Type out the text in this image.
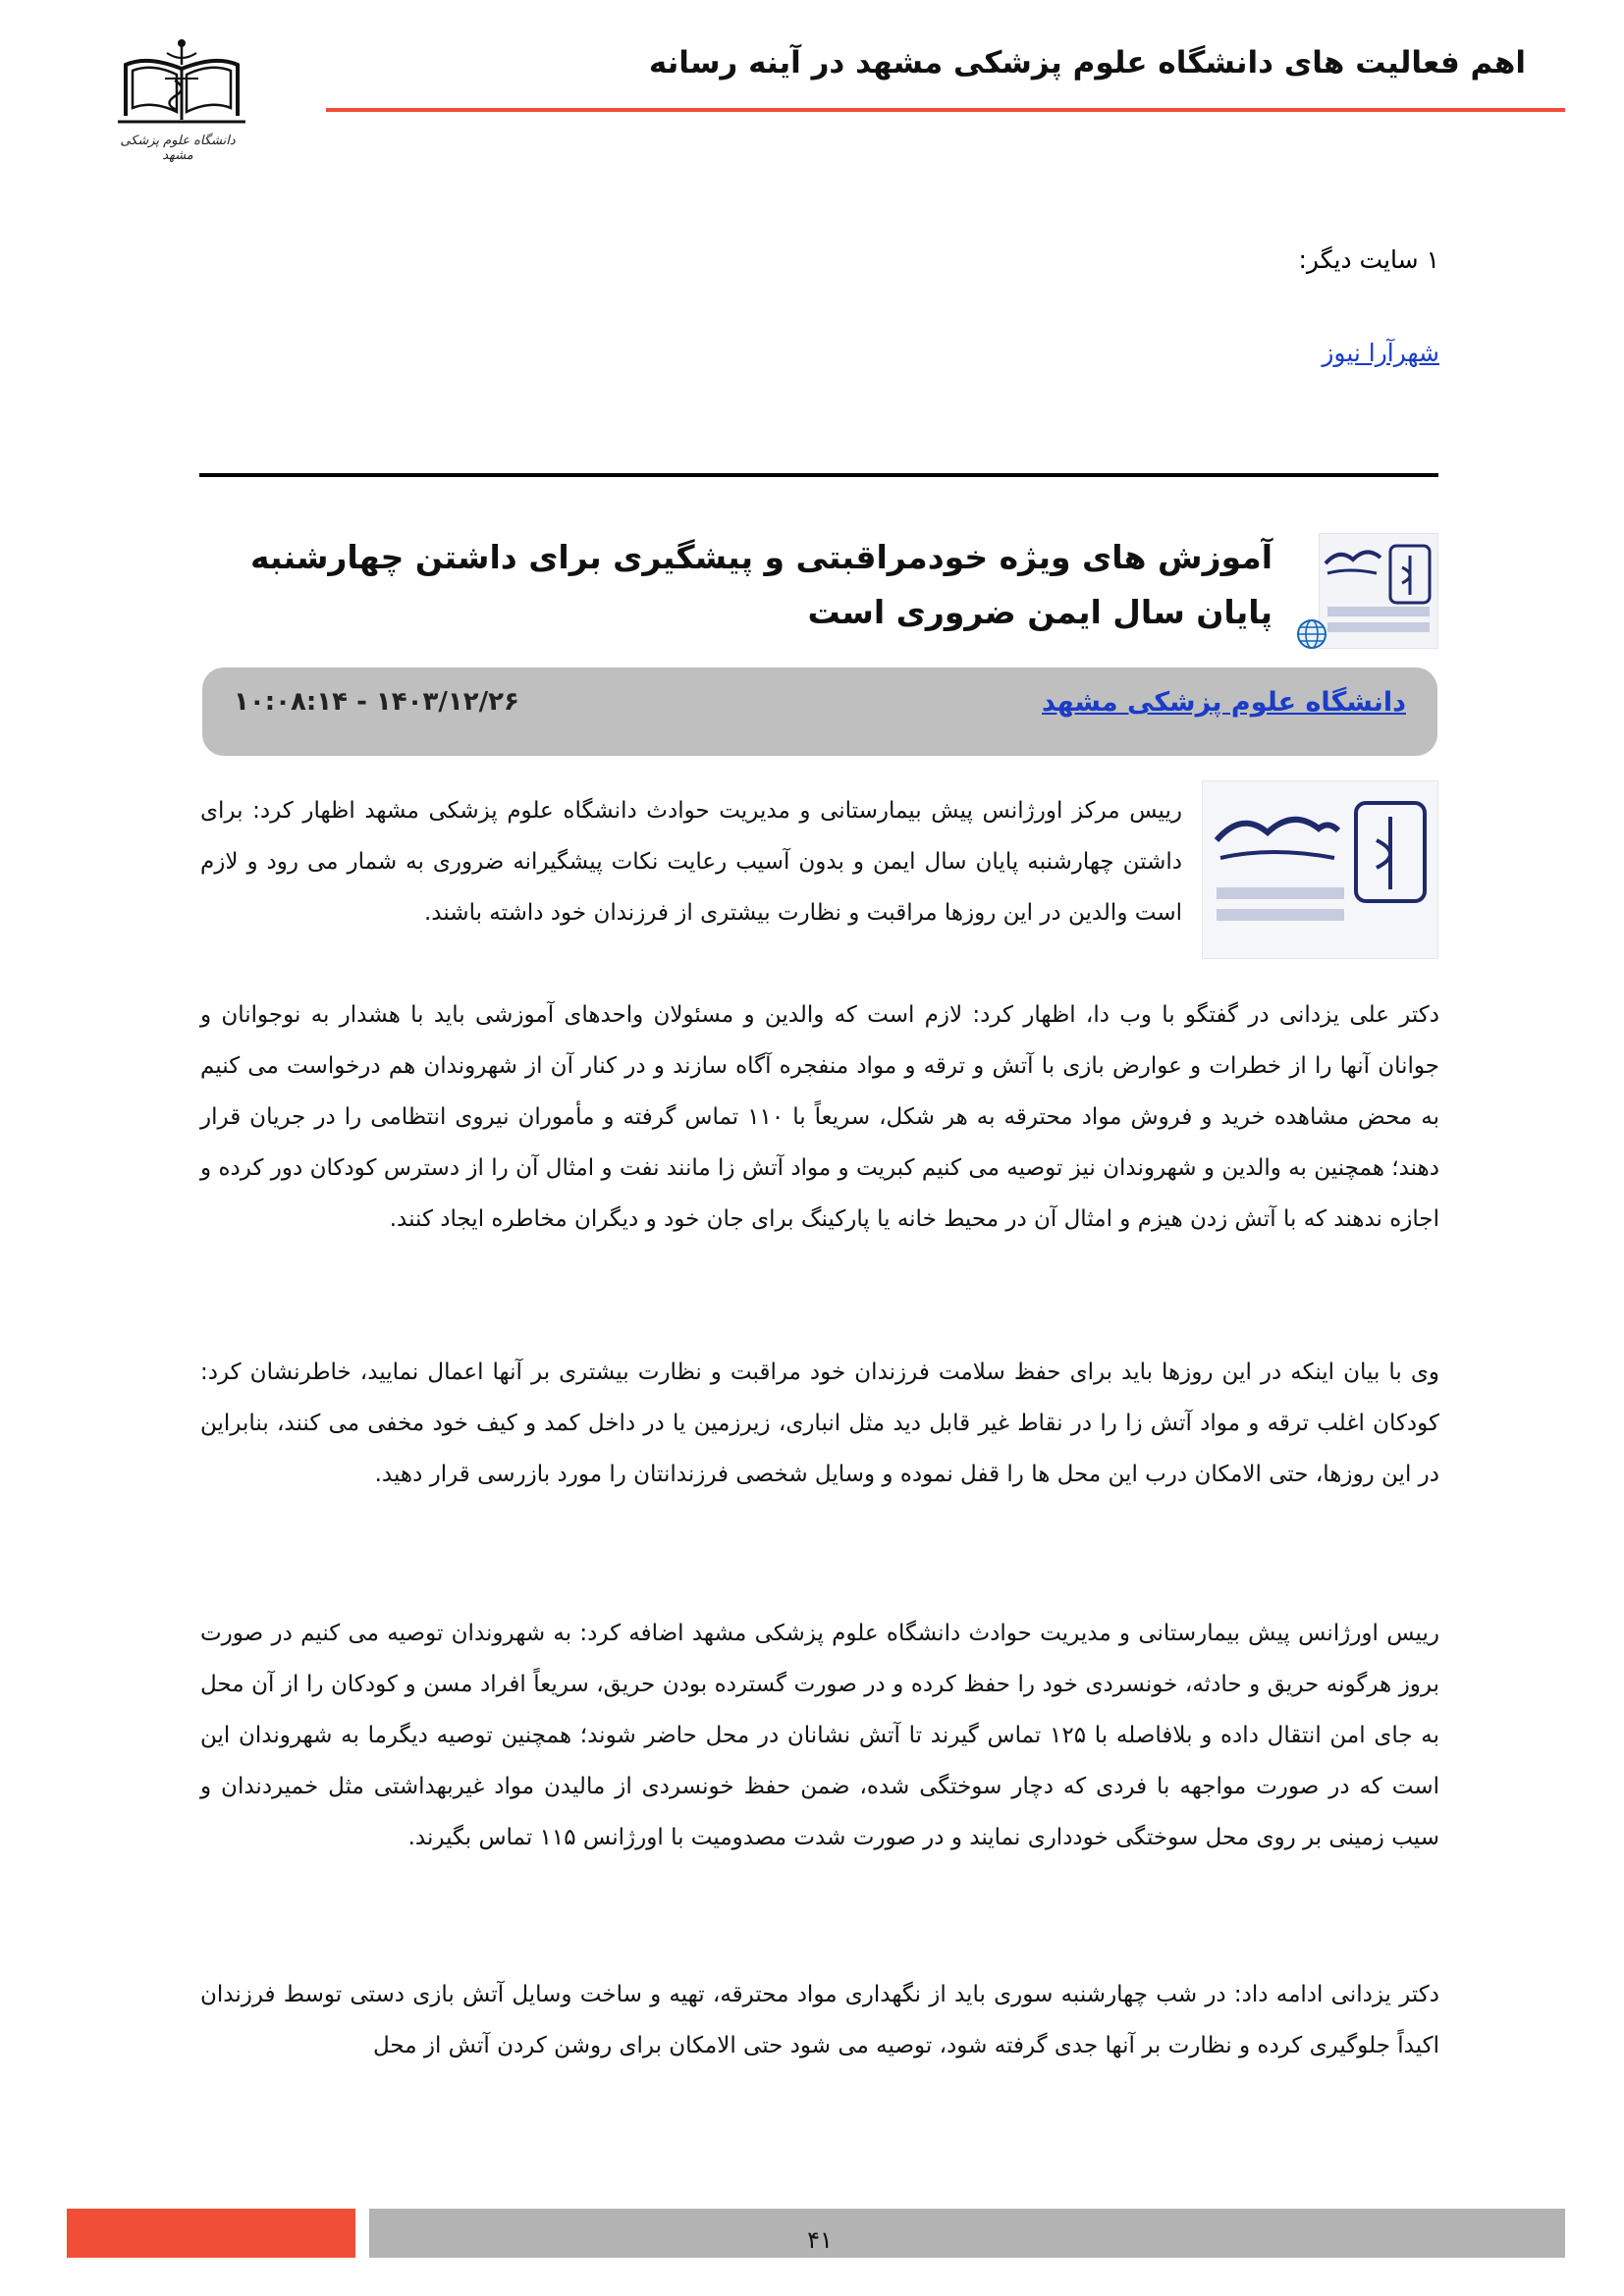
اهم فعالیت های دانشگاه علوم پزشکی مشهد در آینه رسانه
دانشگاه علوم پزشکی مشهد
۱ سایت دیگر:
شهرآرا نیوز
آموزش های ویژه خودمراقبتی و پیشگیری برای داشتن چهارشنبه پایان سال ایمن ضروری است
دانشگاه علوم پزشکی مشهد
۱۴۰۳/۱۲/۲۶ - ۱۰:۰۸:۱۴
رییس مرکز اورژانس پیش بیمارستانی و مدیریت حوادث دانشگاه علوم پزشکی مشهد اظهار کرد: برای داشتن چهارشنبه پایان سال ایمن و بدون آسیب رعایت نکات پیشگیرانه ضروری به شمار می رود و لازم است والدین در این روزها مراقبت و نظارت بیشتری از فرزندان خود داشته باشند.
دکتر علی یزدانی در گفتگو با وب دا، اظهار کرد: لازم است که والدین و مسئولان واحدهای آموزشی باید با هشدار به نوجوانان و جوانان آنها را از خطرات و عوارض بازی با آتش و ترقه و مواد منفجره آگاه سازند و در کنار آن از شهروندان هم درخواست می کنیم به محض مشاهده خرید و فروش مواد محترقه به هر شکل، سریعاً با ۱۱۰ تماس گرفته و مأموران نیروی انتظامی را در جریان قرار دهند؛ همچنین به والدین و شهروندان نیز توصیه می کنیم کبریت و مواد آتش زا مانند نفت و امثال آن را از دسترس کودکان دور کرده و اجازه ندهند که با آتش زدن هیزم و امثال آن در محیط خانه یا پارکینگ برای جان خود و دیگران مخاطره ایجاد کنند.
وی با بیان اینکه در این روزها باید برای حفظ سلامت فرزندان خود مراقبت و نظارت بیشتری بر آنها اعمال نمایید، خاطرنشان کرد: کودکان اغلب ترقه و مواد آتش زا را در نقاط غیر قابل دید مثل انباری، زیرزمین یا در داخل کمد و کیف خود مخفی می کنند، بنابراین در این روزها، حتی الامکان درب این محل ها را قفل نموده و وسایل شخصی فرزندانتان را مورد بازرسی قرار دهید.
رییس اورژانس پیش بیمارستانی و مدیریت حوادث دانشگاه علوم پزشکی مشهد اضافه کرد: به شهروندان توصیه می کنیم در صورت بروز هرگونه حریق و حادثه، خونسردی خود را حفظ کرده و در صورت گسترده بودن حریق، سریعاً افراد مسن و کودکان را از آن محل به جای امن انتقال داده و بلافاصله با ۱۲۵ تماس گیرند تا آتش نشانان در محل حاضر شوند؛ همچنین توصیه دیگرما به شهروندان این است که در صورت مواجهه با فردی که دچار سوختگی شده، ضمن حفظ خونسردی از مالیدن مواد غیربهداشتی مثل خمیردندان و سیب زمینی بر روی محل سوختگی خودداری نمایند و در صورت شدت مصدومیت با اورژانس ۱۱۵ تماس بگیرند.
دکتر یزدانی ادامه داد: در شب چهارشنبه سوری باید از نگهداری مواد محترقه، تهیه و ساخت وسایل آتش بازی دستی توسط فرزندان اکیداً جلوگیری کرده و نظارت بر آنها جدی گرفته شود، توصیه می شود حتی الامکان برای روشن کردن آتش از محل
۴۱
